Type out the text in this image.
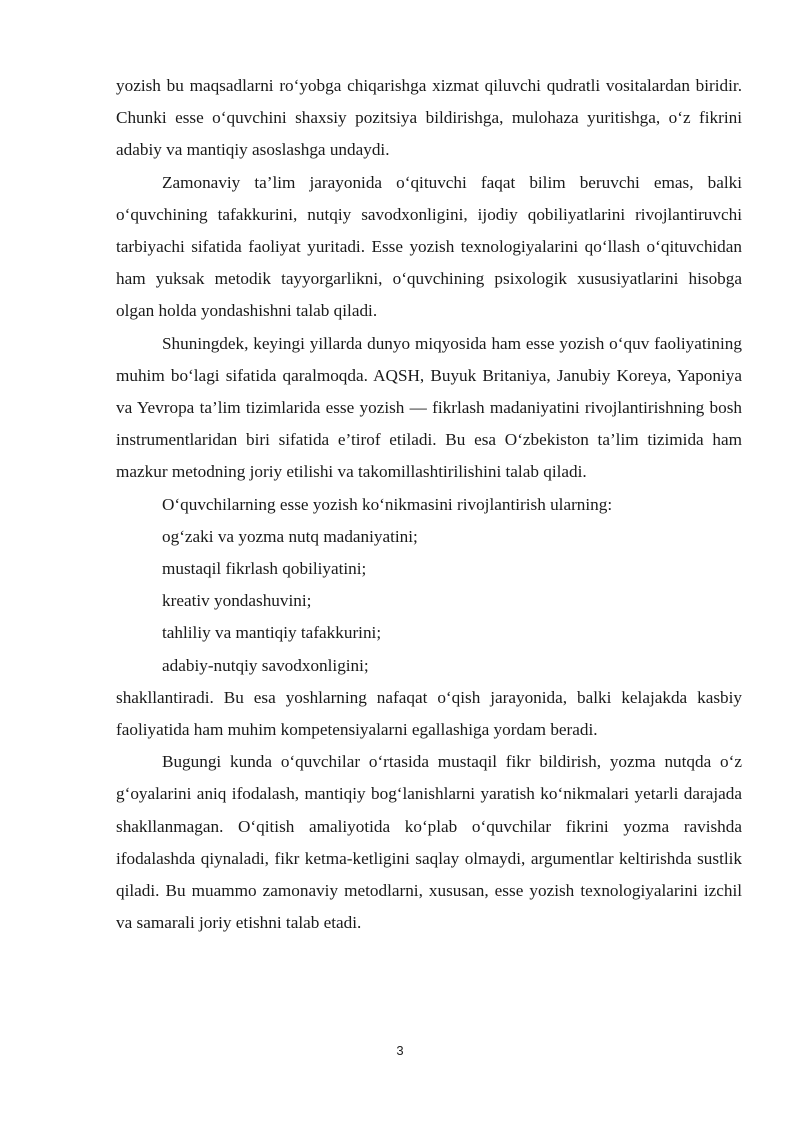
yozish bu maqsadlarni ro‘yobga chiqarishga xizmat qiluvchi qudratli vositalardan biridir. Chunki esse o‘quvchini shaxsiy pozitsiya bildirishga, mulohaza yuritishga, o‘z fikrini adabiy va mantiqiy asoslashga undaydi.

Zamonaviy ta’lim jarayonida o‘qituvchi faqat bilim beruvchi emas, balki o‘quvchining tafakkurini, nutqiy savodxonligini, ijodiy qobiliyatlarini rivojlantiruvchi tarbiyachi sifatida faoliyat yuritadi. Esse yozish texnologiyalarini qo‘llash o‘qituvchidan ham yuksak metodik tayyorgarlikni, o‘quvchining psixologik xususiyatlarini hisobga olgan holda yondashishni talab qiladi.

Shuningdek, keyingi yillarda dunyo miqyosida ham esse yozish o‘quv faoliyatining muhim bo‘lagi sifatida qaralmoqda. AQSH, Buyuk Britaniya, Janubiy Koreya, Yaponiya va Yevropa ta’lim tizimlarida esse yozish — fikrlash madaniyatini rivojlantirishning bosh instrumentlaridan biri sifatida e’tirof etiladi. Bu esa O‘zbekiston ta’lim tizimida ham mazkur metodning joriy etilishi va takomillashtirilishini talab qiladi.

O‘quvchilarning esse yozish ko‘nikmasini rivojlantirish ularning:

og‘zaki va yozma nutq madaniyatini;
mustaqil fikrlash qobiliyatini;
kreativ yondashuvini;
tahliliy va mantiqiy tafakkurini;
adabiy-nutqiy savodxonligini;

shakllantiradi. Bu esa yoshlarning nafaqat o‘qish jarayonida, balki kelajakda kasbiy faoliyatida ham muhim kompetensiyalarni egallashiga yordam beradi.

Bugungi kunda o‘quvchilar o‘rtasida mustaqil fikr bildirish, yozma nutqda o‘z g‘oyalarini aniq ifodalash, mantiqiy bog‘lanishlarni yaratish ko‘nikmalari yetarli darajada shakllanmagan. O‘qitish amaliyotida ko‘plab o‘quvchilar fikrini yozma ravishda ifodalashda qiynaladi, fikr ketma-ketligini saqlay olmaydi, argumentlar keltirishda sustlik qiladi. Bu muammo zamonaviy metodlarni, xususan, esse yozish texnologiyalarini izchil va samarali joriy etishni talab etadi.

3
